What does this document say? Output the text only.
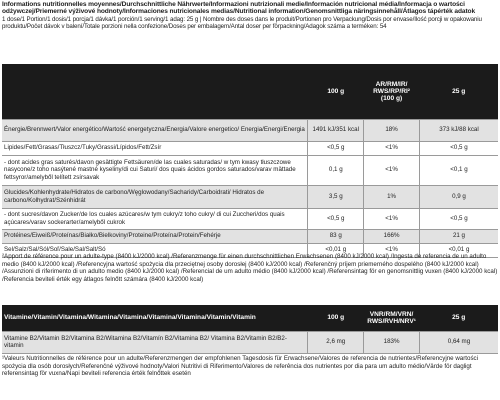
Informations nutritionnelles moyennes/Durchschnittliche Nährwerte/Informazioni nutrizionali medie/Información nutricional média/Informacja o wartości odżywczej/Priemerné výživové hodnoty/Informaciones nutricionales medias/Nutritional information/Genomsnittliga näringsinnehåll/Átlagos tápérték adatok
1 dose/1 Portion/1 dosis/1 porcja/1 dávka/1 porción/1 serving/1 adag: 25 g | Nombre des doses dans le produit/Portionen pro Verpackung/Dosis por envase/Ilość porcji w opakowaniu produktu/Počet dávok v balení/Totale porzioni nella confezione/Doses per embalagem/Antal doser per förpackning/Adagok száma a terméken: 54
	100 g	AR/RM/IR/ RWS/RP/RI² (100 g)	25 g
Énergie/Brennwert/Valor energético/Wartość energetyczna/Energia/Valore energetico/ Energia/Energi/Energia	1491 kJ/351 kcal	18%	373 kJ/88 kcal
Lipides/Fett/Grasas/Tłuszcz/Tuky/Grassi/Lípidos/Fett/Zsír	<0,5 g	<1%	<0,5 g
- dont acides gras saturés/davon gesättigte Fettsäuren/de las cuales saturadas/ w tym kwasy tłuszczowe nasycone/z toho nasýtené mastné kyseliny/di cui Saturi/ dos quais ácidos gordos saturados/varav mättade fettsyror/amelyből telített zsírsavak	0,1 g	<1%	<0,1 g
Glucides/Kohlenhydrate/Hidratos de carbono/Węglowodany/Sacharidy/Carboidrati/ Hidratos de carbono/Kolhydrat/Szénhidrát	3,5 g	1%	0,9 g
- dont sucres/davon Zucker/de los cuales azúcares/w tym cukry/z toho cukry/ di cui Zuccheri/dos quais açúcares/varav sockerarter/amelyből cukrok	<0,5 g	<1%	<0,5 g
Protéines/Eiweiß/Proteínas/Białko/Bielkoviny/Proteine/Proteína/Protein/Fehérje	83 g	166%	21 g
Sel/Salz/Sal/Sól/Soľ/Sale/Sal/Salt/Só	<0,01 g	<1%	<0,01 g
²Apport de référence pour un adulte-type (8400 kJ/2000 kcal) /Referenzmenge für einen durchschnittlichen Erwachsenen (8400 kJ/2000 kcal) /Ingesta de referencia de un adulto medio (8400 kJ/2000 kcal) /Referencyjna wartość spożycia dla przeciętnej osoby dorosłej (8400 kJ/2000 kcal) /Referenčný príjem priemerného dospelého (8400 kJ/2000 kcal) /Assunzioni di riferimento di un adulto medio (8400 kJ/2000 kcal) /Referencial de um adulto médio (8400 kJ/2000 kcal) /Referensintag för en genomsnittlig vuxen (8400 kJ/2000 kcal) /Referencia beviteli érték egy átlagos felnőtt számára (8400 kJ/2000 kcal)
Vitamine/Vitamin/Vitamina/Witamina/Vitamina/Vitamina/Vitamina/Vitamin/Vitamin	100 g	VNR/RM/VRN/ RWS/RVH/NRV¹	25 g
Vitamine B2/Vitamin B2/Vitamina B2/Witamina B2/Vitamín B2/Vitamina B2/ Vitamina B2/Vitamin B2/B2-vitamin	2,6 mg	183%	0,64 mg
¹Valeurs Nutritionnelles de référence pour un adulte/Referenzmengen der empfohlenen Tagesdosis für Erwachsene/Valores de referencia de nutrientes/Referencyjne wartości spożycia dla osób dorosłych/Referenčné výživové hodnoty/Valori Nutritivi di Riferimento/Valores de referência dos nutrientes por dia para um adulto médio/Värde för dagligt referensintag för vuxna/Napi beviteli referencia érték felnőttek esetén
